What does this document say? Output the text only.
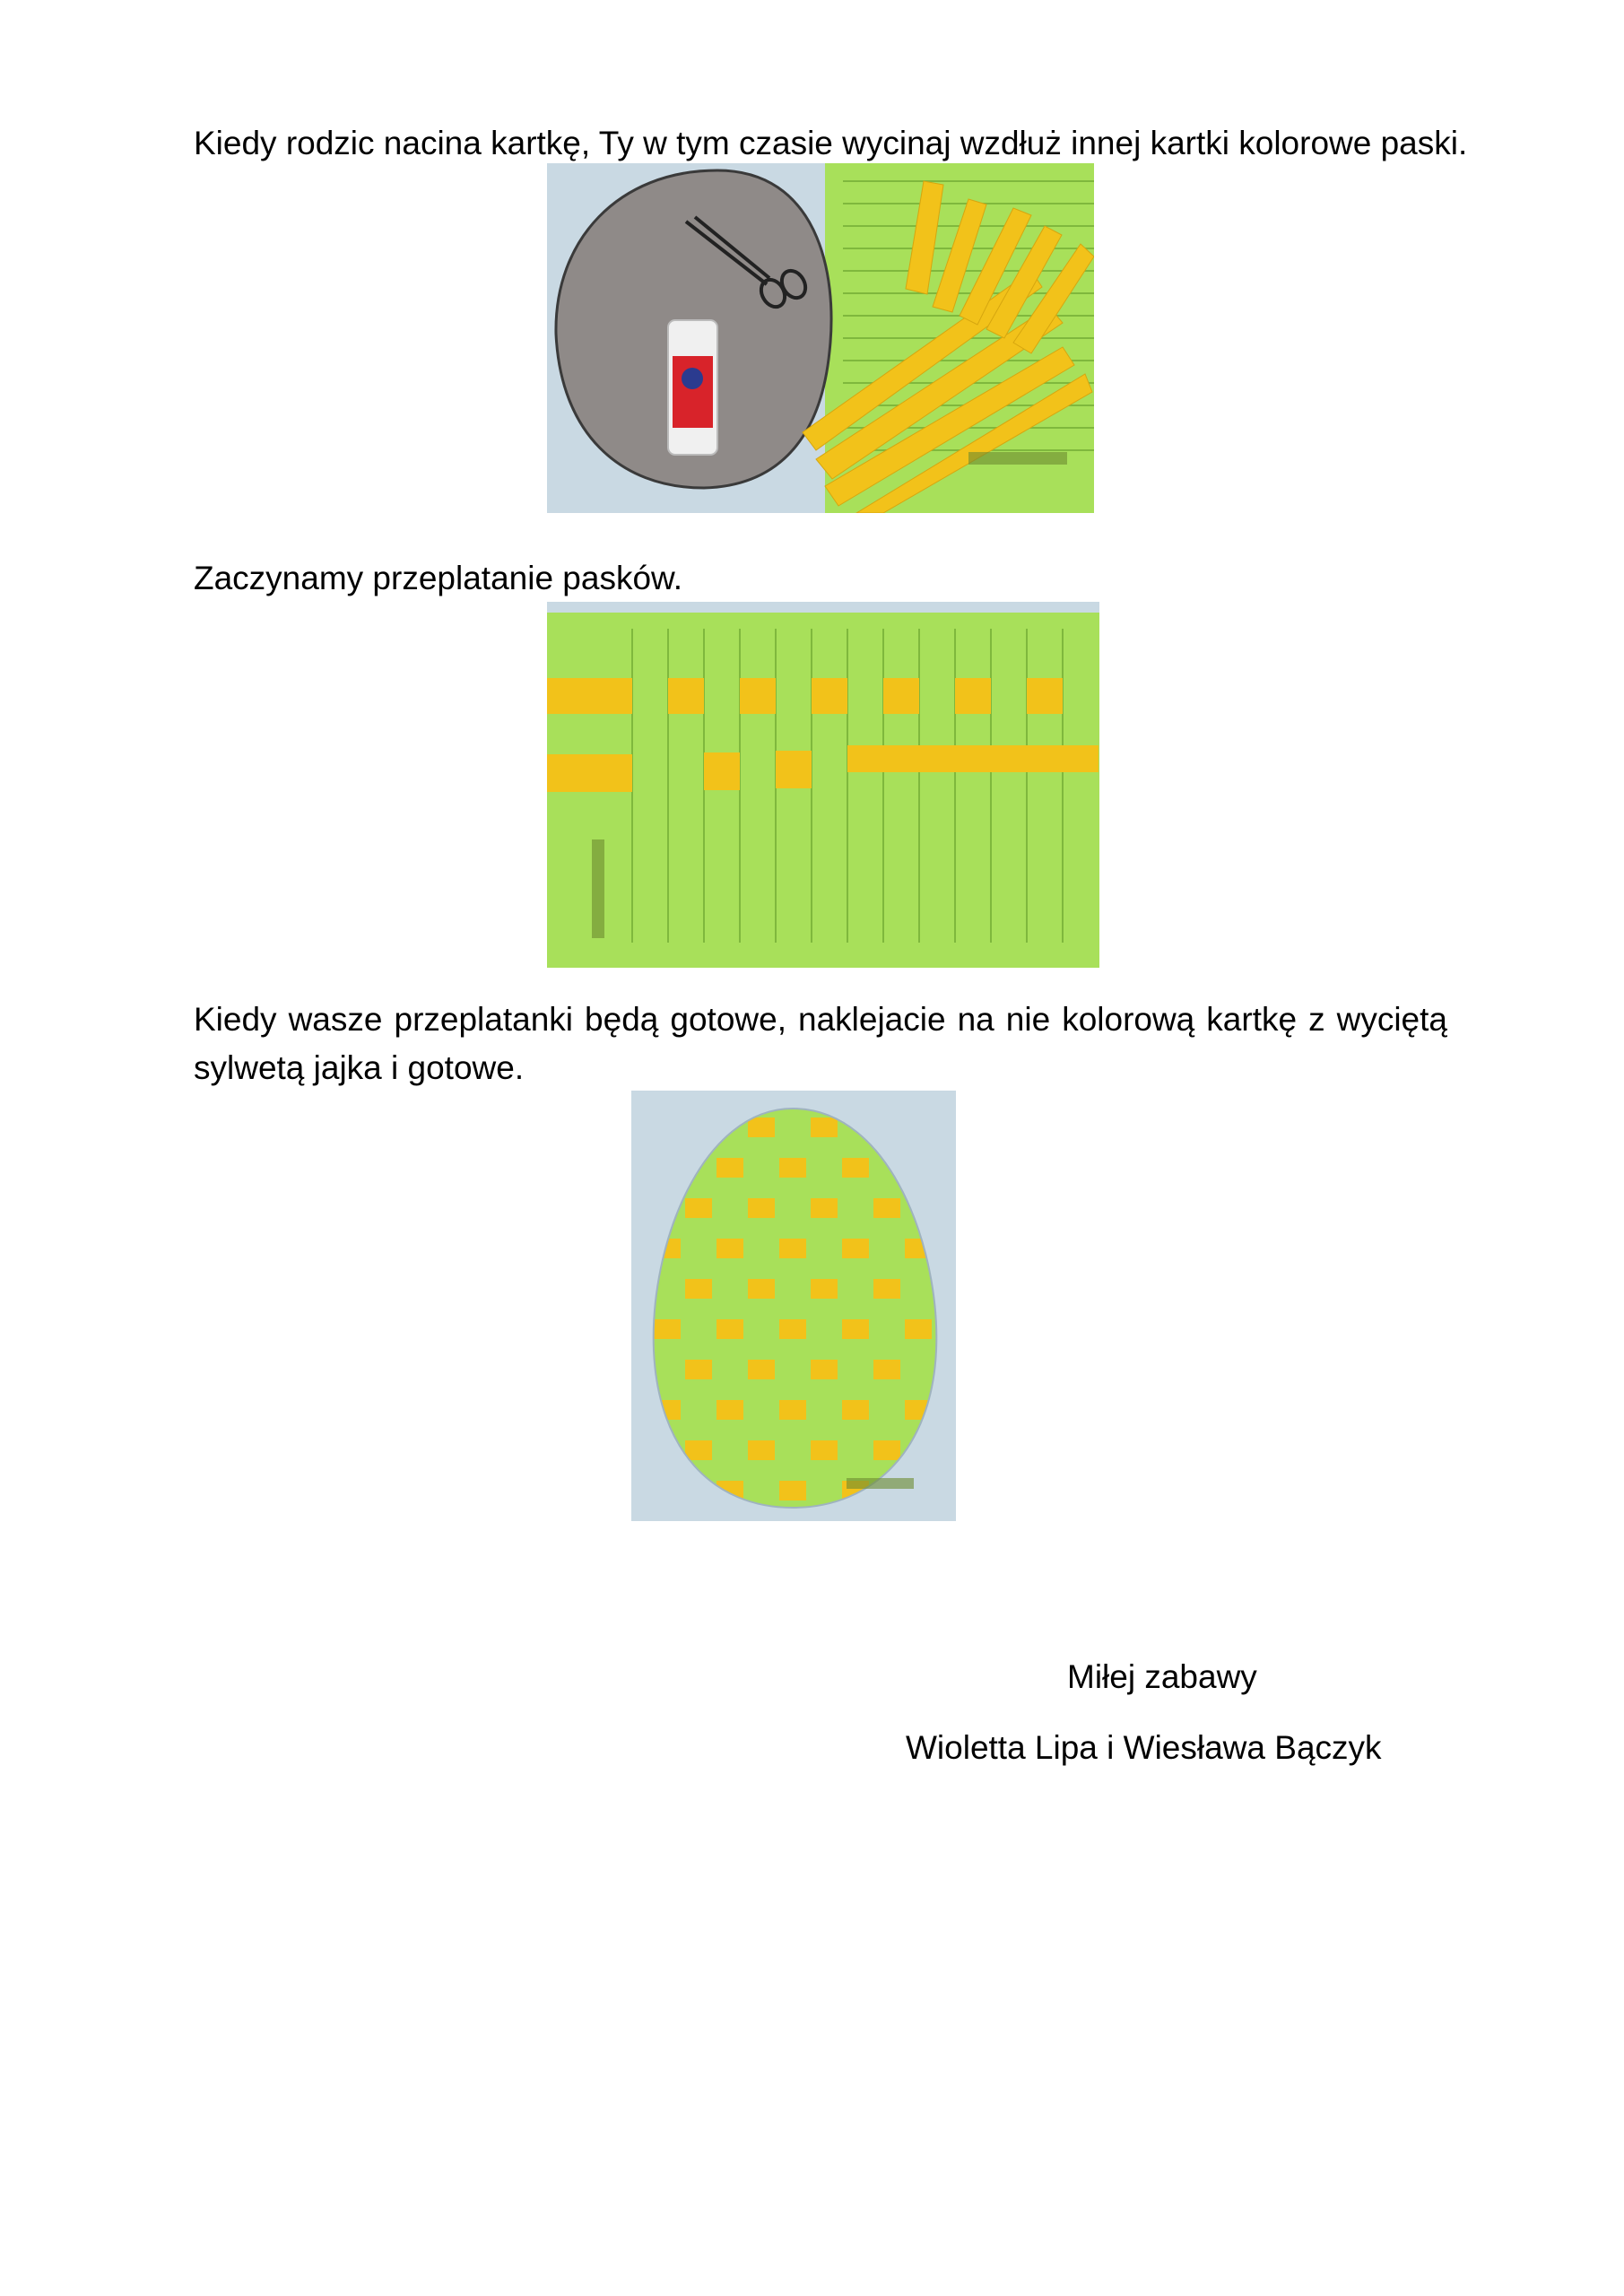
Kiedy rodzic nacina kartkę, Ty w tym czasie wycinaj wzdłuż innej kartki kolorowe paski.

Zaczynamy przeplatanie pasków.

Kiedy wasze przeplatanki będą gotowe, naklejacie na nie kolorową kartkę z wyciętą
sylwetą jajka i gotowe.

Miłej zabawy
Wioletta Lipa i Wiesława Bączyk
